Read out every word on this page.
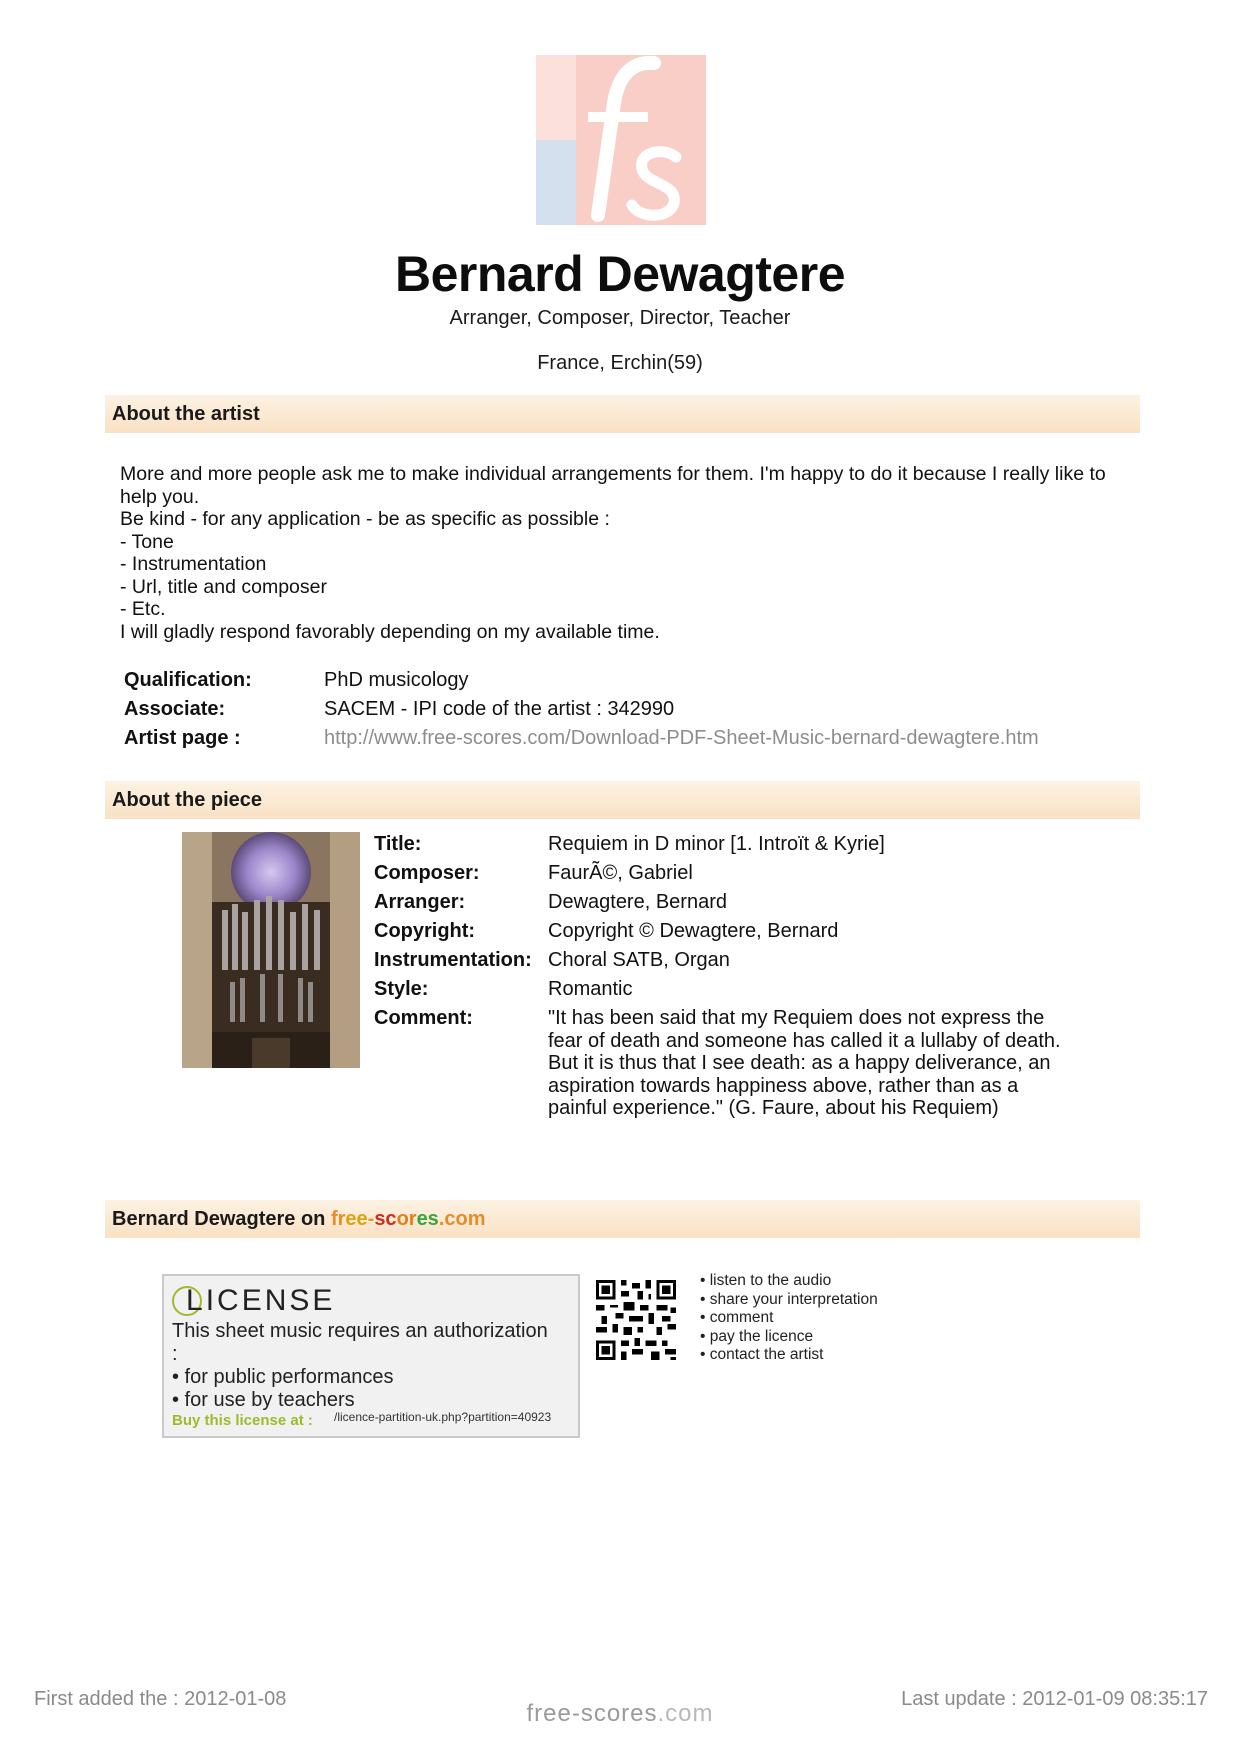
Bernard Dewagtere
Arranger, Composer, Director, Teacher
France, Erchin(59)
About the artist
More and more people ask me to make individual arrangements for them. I'm happy to do it because I really like to help you.
Be kind - for any application - be as specific as possible :
- Tone
- Instrumentation
- Url, title and composer
- Etc.
I will gladly respond favorably depending on my available time.
Qualification:	PhD musicology
Associate:	SACEM - IPI code of the artist : 342990
Artist page :	http://www.free-scores.com/Download-PDF-Sheet-Music-bernard-dewagtere.htm
About the piece
Title:	Requiem in D minor [1. Introït & Kyrie]
Composer:	FaurÃ©, Gabriel
Arranger:	Dewagtere, Bernard
Copyright:	Copyright © Dewagtere, Bernard
Instrumentation:	Choral SATB, Organ
Style:	Romantic
Comment:	"It has been said that my Requiem does not express the fear of death and someone has called it a lullaby of death. But it is thus that I see death: as a happy deliverance, an aspiration towards happiness above, rather than as a painful experience." (G. Faure, about his Requiem)
Bernard Dewagtere on free-scores.com
LICENSE
This sheet music requires an authorization
:
• for public performances
• for use by teachers
Buy this license at : /licence-partition-uk.php?partition=40923
• listen to the audio
• share your interpretation
• comment
• pay the licence
• contact the artist
First added the : 2012-01-08	Last update : 2012-01-09 08:35:17
free-scores.com
